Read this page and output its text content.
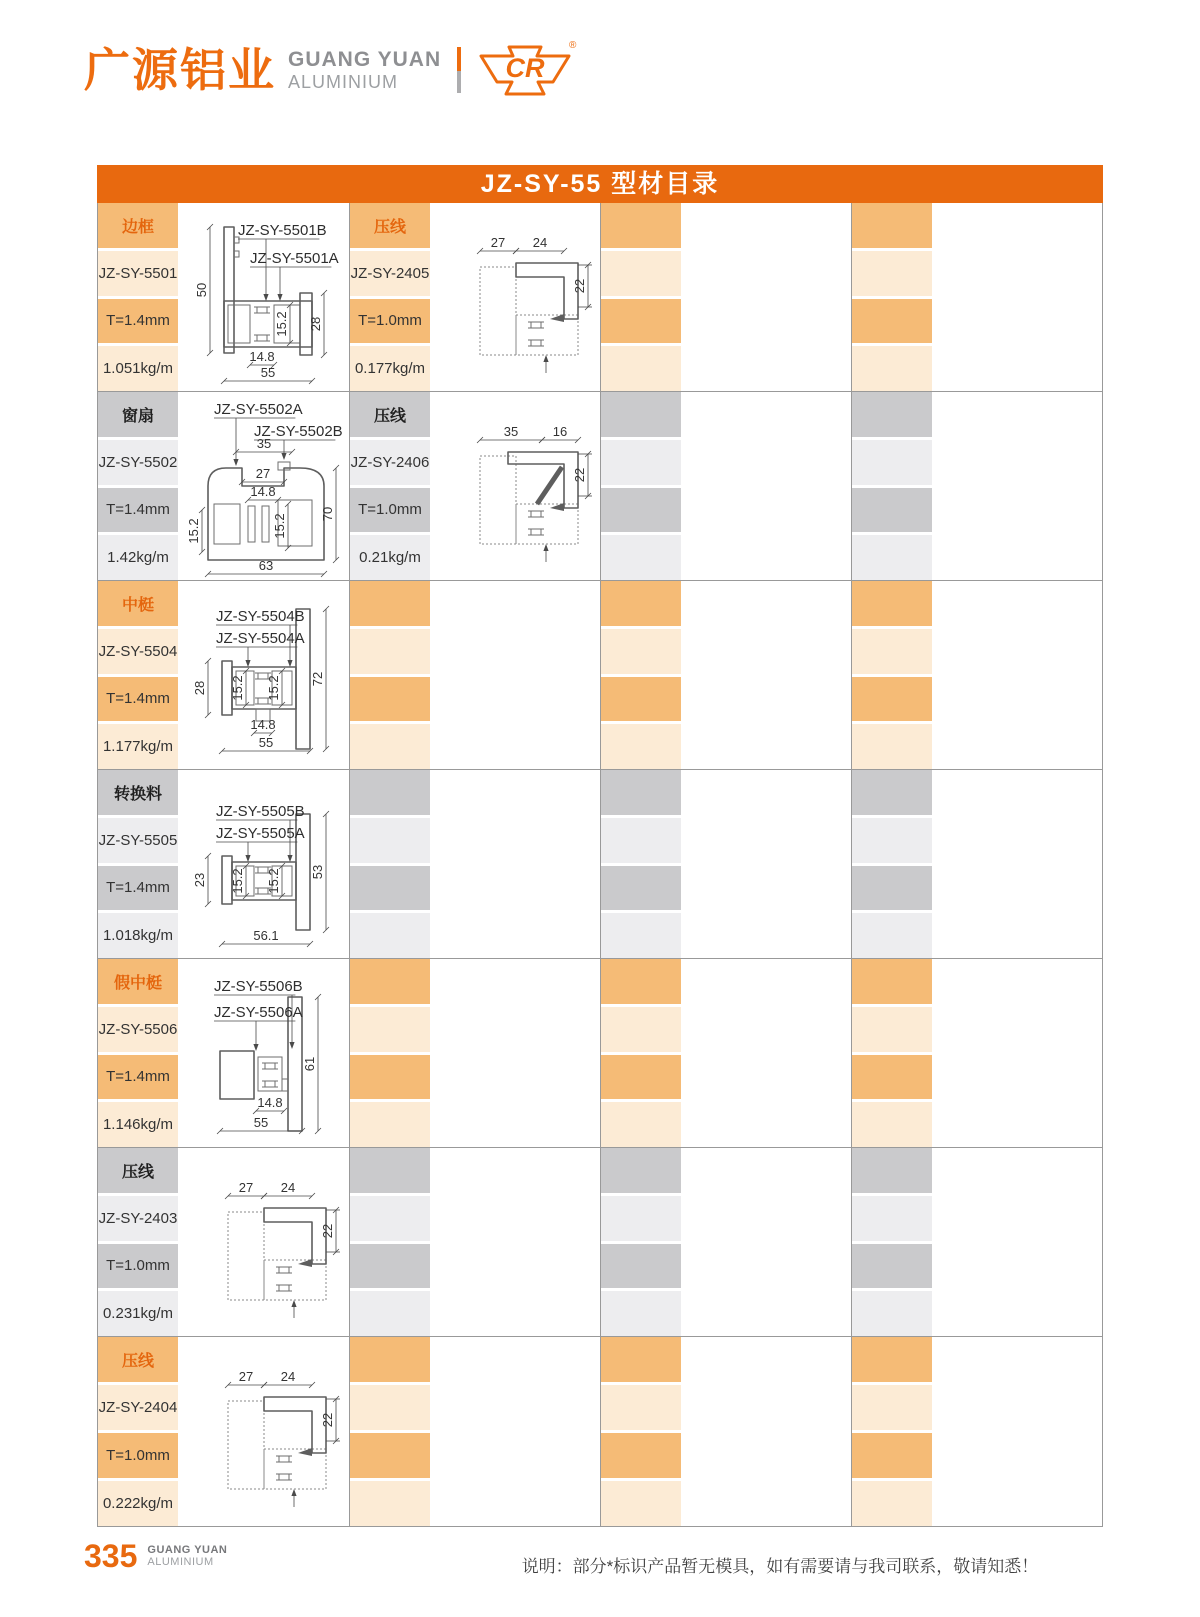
广源铝业 GUANG YUAN
ALUMINIUM	CR
®
JZ-SY-55 型材目录
边框
JZ-SY-5501
T=1.4mm
1.051kg/m
50
15.2 28
14.8
55
JZ-SY-5501B
JZ-SY-5501A
压线
JZ-SY-2405
T=1.0mm
0.177kg/m
27 24
22
窗扇
JZ-SY-5502
T=1.4mm
1.42kg/m
35
27
14.8
15.2	15.2	70
63
JZ-SY-5502A
JZ-SY-5502B
压线
JZ-SY-2406
T=1.0mm
0.21kg/m
35	16
22
中梃
JZ-SY-5504
T=1.4mm
1.177kg/m
28 15.2 15.2 72
14.8
55
JZ-SY-5504B
JZ-SY-5504A
转换料
JZ-SY-5505
T=1.4mm
1.018kg/m
23 15.2 15.2 53
56.1
JZ-SY-5505B
JZ-SY-5505A
假中梃
JZ-SY-5506
T=1.4mm
1.146kg/m
61
14.8
55
JZ-SY-5506B
JZ-SY-5506A
压线
JZ-SY-2403
T=1.0mm
0.231kg/m
27 24
22
压线
JZ-SY-2404
T=1.0mm
0.222kg/m
27 24
22
335 GUANG YUAN
ALUMINIUM	说明：部分*标识产品暂无模具，如有需要请与我司联系，敬请知悉！
